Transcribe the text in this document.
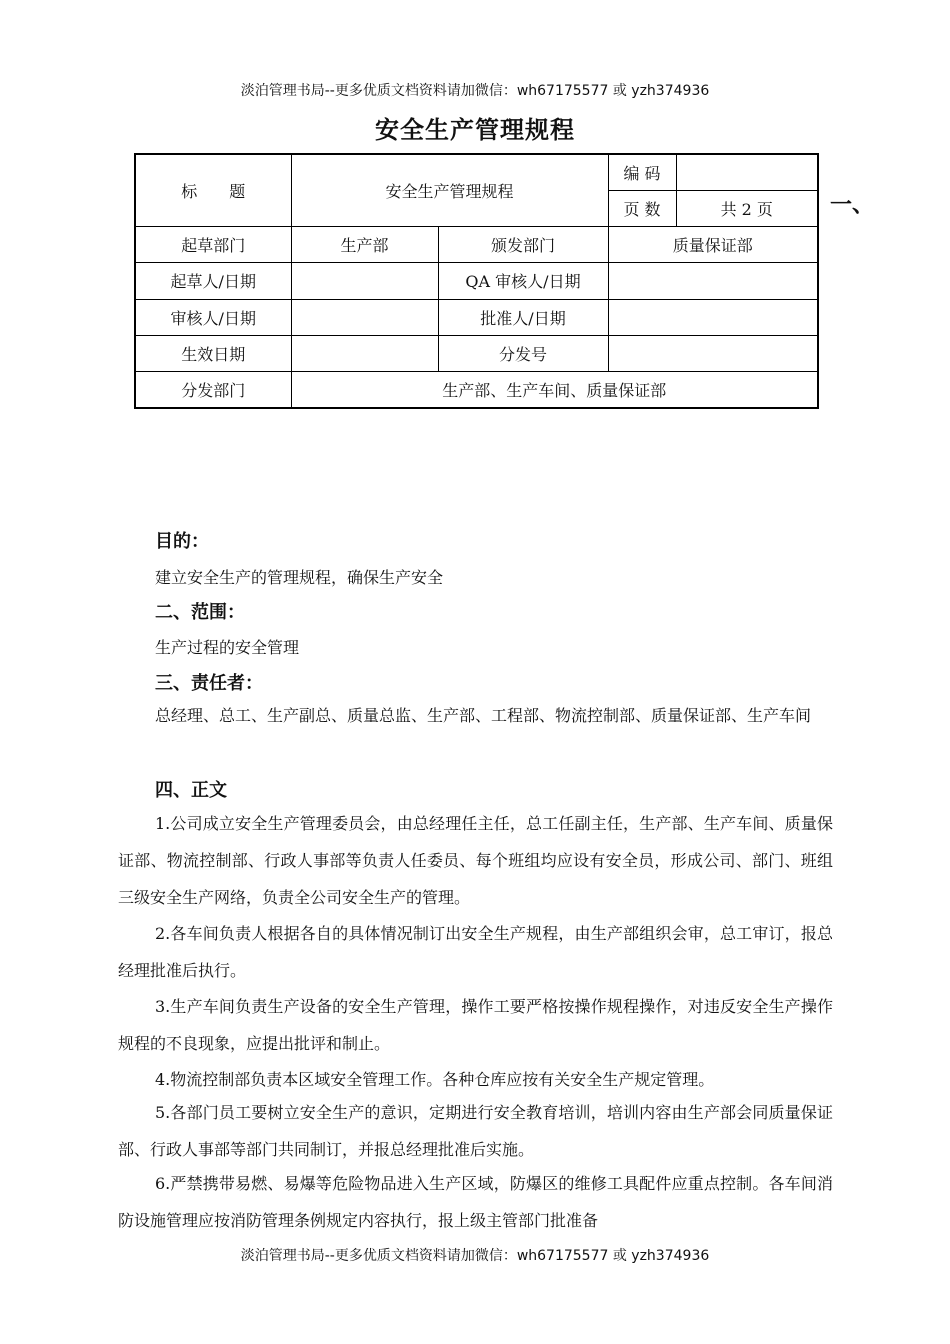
淡泊管理书局--更多优质文档资料请加微信：wh67175577 或 yzh374936
安全生产管理规程
标　　题	安全生产管理规程		编 码	
			页 数	共 2 页
起草部门	生产部	颁发部门	质量保证部	
起草人/日期		QA 审核人/日期		
审核人/日期		批准人/日期		
生效日期		分发号		
分发部门	生产部、生产车间、质量保证部			
一、
目的：
建立安全生产的管理规程，确保生产安全
二、范围：
生产过程的安全管理
三、责任者：
总经理、总工、生产副总、质量总监、生产部、工程部、物流控制部、质量保证部、生产车间
四、正文
1.公司成立安全生产管理委员会，由总经理任主任，总工任副主任，生产部、生产车间、质量保证部、物流控制部、行政人事部等负责人任委员、每个班组均应设有安全员，形成公司、部门、班组三级安全生产网络，负责全公司安全生产的管理。
2.各车间负责人根据各自的具体情况制订出安全生产规程，由生产部组织会审，总工审订，报总经理批准后执行。
3.生产车间负责生产设备的安全生产管理，操作工要严格按操作规程操作，对违反安全生产操作规程的不良现象，应提出批评和制止。
4.物流控制部负责本区域安全管理工作。各种仓库应按有关安全生产规定管理。
5.各部门员工要树立安全生产的意识，定期进行安全教育培训，培训内容由生产部会同质量保证部、行政人事部等部门共同制订，并报总经理批准后实施。
6.严禁携带易燃、易爆等危险物品进入生产区域，防爆区的维修工具配件应重点控制。各车间消防设施管理应按消防管理条例规定内容执行，报上级主管部门批准备
淡泊管理书局--更多优质文档资料请加微信：wh67175577 或 yzh374936
